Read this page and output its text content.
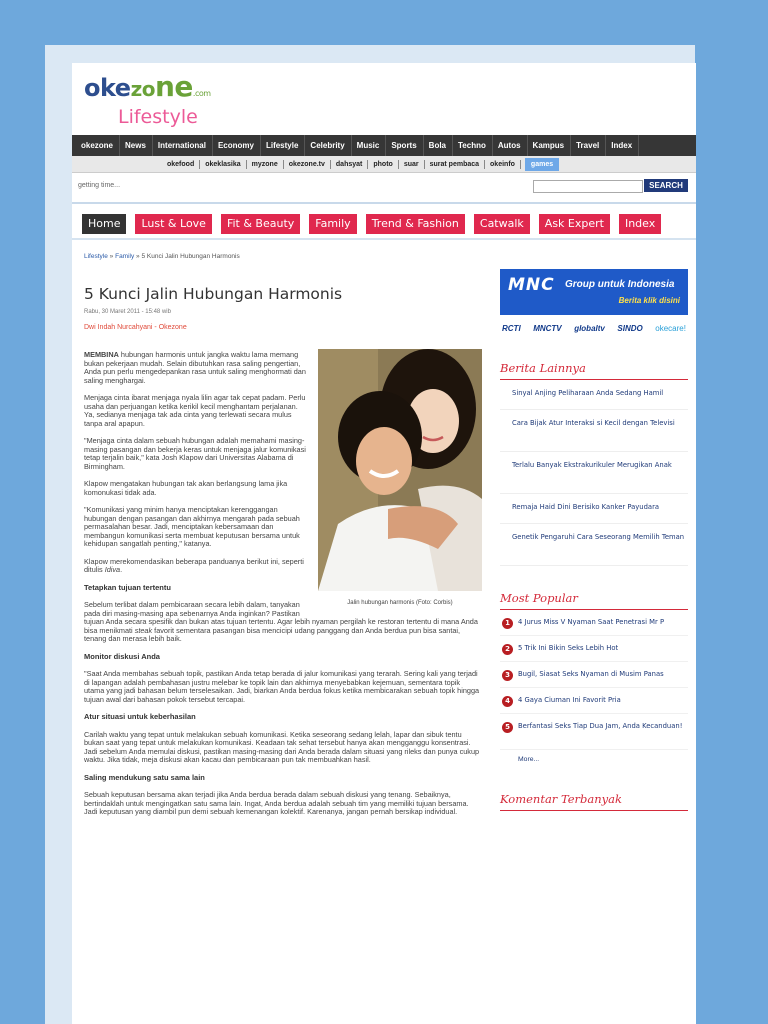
okezone.com
Lifestyle
okezone	News	International	Economy	Lifestyle	Celebrity	Music	Sports	Bola	Techno	Autos	Kampus	Travel	Index
okefood	okeklasika	myzone	okezone.tv	dahsyat	photo	suar	surat pembaca	okeinfo	games
getting time...	SEARCH
Home	Lust & Love	Fit & Beauty	Family	Trend & Fashion	Catwalk	Ask Expert	Index
Lifestyle » Family » 5 Kunci Jalin Hubungan Harmonis
5 Kunci Jalin Hubungan Harmonis
Rabu, 30 Maret 2011 - 15:48 wib
Dwi Indah Nurcahyani - Okezone
Jalin hubungan harmonis (Foto: Corbis)

MEMBINA hubungan harmonis untuk jangka waktu lama memang bukan pekerjaan mudah. Selain dibutuhkan rasa saling pengertian, Anda pun perlu mengedepankan rasa untuk saling menghormati dan saling menghargai.

Menjaga cinta ibarat menjaga nyala lilin agar tak cepat padam. Perlu usaha dan perjuangan ketika kerikil kecil menghantam perjalanan. Ya, sedianya menjaga tak ada cinta yang terlewati secara mulus tanpa aral apapun.

"Menjaga cinta dalam sebuah hubungan adalah memahami masing-masing pasangan dan bekerja keras untuk menjaga jalur komunikasi tetap terjalin baik," kata Josh Klapow dari Universitas Alabama di Birmingham.

Klapow mengatakan hubungan tak akan berlangsung lama jika komonukasi tidak ada.

"Komunikasi yang minim hanya menciptakan kerenggangan hubungan dengan pasangan dan akhirnya mengarah pada sebuah permasalahan besar. Jadi, menciptakan kebersamaan dan membangun komunikasi serta membuat keputusan bersama untuk kehidupan sangatlah penting," katanya.

Klapow merekomendasikan beberapa panduanya berikut ini, seperti ditulis Idiva.

Tetapkan tujuan tertentu

Sebelum terlibat dalam pembicaraan secara lebih dalam, tanyakan pada diri masing-masing apa sebenarnya Anda inginkan? Pastikan tujuan Anda secara spesifik dan bukan atas tujuan tertentu. Agar lebih nyaman pergilah ke restoran tertentu di mana Anda bisa menikmati steak favorit sementara pasangan bisa mencicipi udang panggang dan Anda berdua pun bisa santai, tenang dan merasa lebih baik.

Monitor diskusi Anda

"Saat Anda membahas sebuah topik, pastikan Anda tetap berada di jalur komunikasi yang terarah. Sering kali yang terjadi di lapangan adalah pembahasan justru melebar ke topik lain dan akhirnya menyebabkan kejemuan, sementara topik utama yang jadi bahasan belum terselesaikan. Jadi, biarkan Anda berdua fokus ketika membicarakan sebuah topik hingga tujuan awal dari bahasan pokok tersebut tercapai.

Atur situasi untuk keberhasilan

Carilah waktu yang tepat untuk melakukan sebuah komunikasi. Ketika seseorang sedang lelah, lapar dan sibuk tentu bukan saat yang tepat untuk melakukan komunikasi. Keadaan tak sehat tersebut hanya akan mengganggu konsentrasi. Jadi sebelum Anda memulai diskusi, pastikan masing-masing dari Anda berada dalam situasi yang rileks dan punya cukup waktu. Jika tidak, meja diskusi akan kacau dan pembicaraan pun tak membuahkan hasil.

Saling mendukung satu sama lain

Sebuah keputusan bersama akan terjadi jika Anda berdua berada dalam sebuah diskusi yang tenang. Sebaiknya, bertindaklah untuk mengingatkan satu sama lain. Ingat, Anda berdua adalah sebuah tim yang memiliki tujuan bersama. Jadi keputusan yang diambil pun demi sebuah kemenangan kolektif. Karenanya, jangan pernah bersikap individual.

MNC Group untuk Indonesia
Berita klik disini
RCTI MNCTV globaltv SINDO okecare!
Berita Lainnya
Sinyal Anjing Peliharaan Anda Sedang Hamil
Cara Bijak Atur Interaksi si Kecil dengan Televisi
Terlalu Banyak Ekstrakurikuler Merugikan Anak
Remaja Haid Dini Berisiko Kanker Payudara
Genetik Pengaruhi Cara Seseorang Memilih Teman
Most Popular
1	4 Jurus Miss V Nyaman Saat Penetrasi Mr P
2	5 Trik Ini Bikin Seks Lebih Hot
3	Bugil, Siasat Seks Nyaman di Musim Panas
4	4 Gaya Ciuman Ini Favorit Pria
5	Berfantasi Seks Tiap Dua Jam, Anda Kecanduan!
More...
Komentar Terbanyak
